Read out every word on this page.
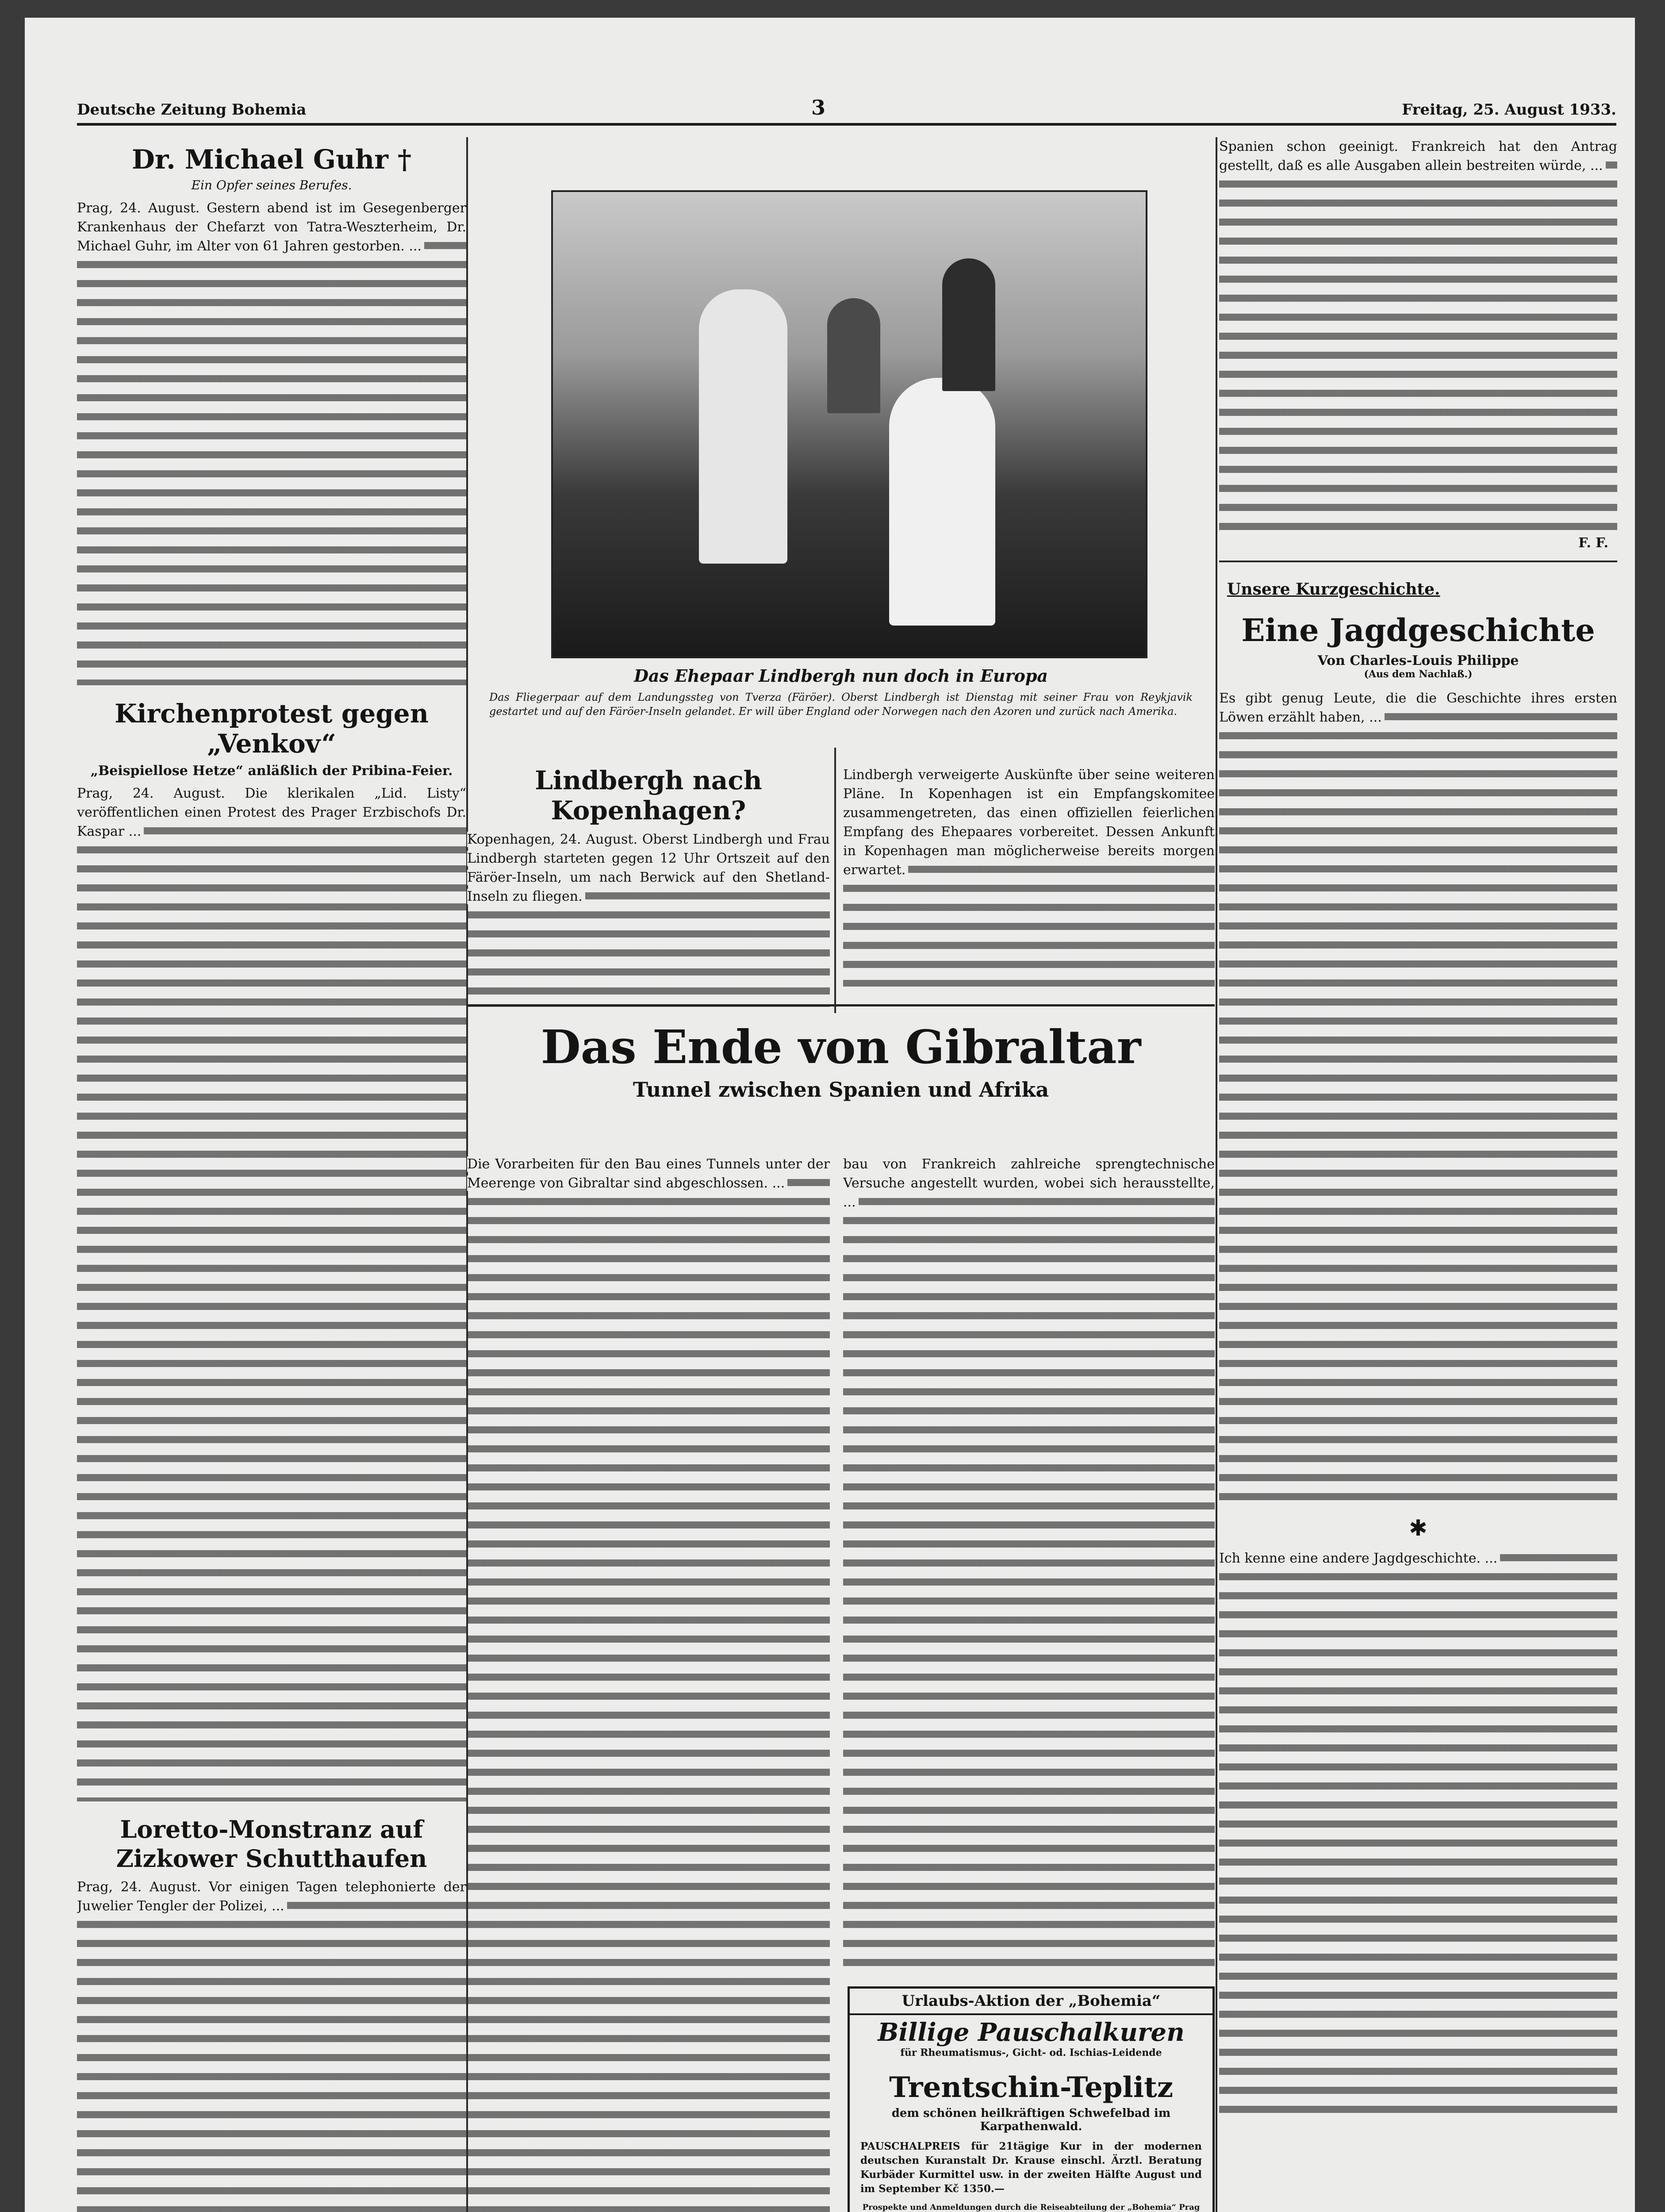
Deutsche Zeitung Bohemia	3	Freitag, 25. August 1933.
Dr. Michael Guhr †
Ein Opfer seines Berufes.
Prag, 24. August. Gestern abend ist im Gesegenberger Krankenhaus der Chefarzt von Tatra-Weszterheim, Dr. Michael Guhr, im Alter von 61 Jahren gestorben. ...
Kirchenprotest gegen „Venkov“
„Beispiellose Hetze“ anläßlich der Pribina-Feier.
Prag, 24. August. Die klerikalen „Lid. Listy“ veröffentlichen einen Protest des Prager Erzbischofs Dr. Kaspar ...
Loretto-Monstranz auf Zizkower Schutthaufen
Prag, 24. August. Vor einigen Tagen telephonierte der Juwelier Tengler der Polizei, ...
Das Ehepaar Lindbergh nun doch in Europa
Das Fliegerpaar auf dem Landungssteg von Tverza (Färöer). Oberst Lindbergh ist Dienstag mit seiner Frau von Reykjavik gestartet und auf den Färöer-Inseln gelandet. Er will über England oder Norwegen nach den Azoren und zurück nach Amerika.
Lindbergh nach Kopenhagen?
Kopenhagen, 24. August. Oberst Lindbergh und Frau Lindbergh starteten gegen 12 Uhr Ortszeit auf den Färöer-Inseln, um nach Berwick auf den Shetland-Inseln zu fliegen.
Lindbergh verweigerte Auskünfte über seine weiteren Pläne. In Kopenhagen ist ein Empfangskomitee zusammengetreten, das einen offiziellen feierlichen Empfang des Ehepaares vorbereitet. Dessen Ankunft in Kopenhagen man möglicherweise bereits morgen erwartet.
Das Ende von Gibraltar
Tunnel zwischen Spanien und Afrika
Die Vorarbeiten für den Bau eines Tunnels unter der Meerenge von Gibraltar sind abgeschlossen. ...
bau von Frankreich zahlreiche sprengtechnische Versuche angestellt wurden, wobei sich herausstellte, ...
Urlaubs-Aktion der „Bohemia“
Billige Pauschalkuren
für Rheumatismus-, Gicht- od. Ischias-Leidende
Trentschin-Teplitz
dem schönen heilkräftigen Schwefelbad im Karpathenwald.
PAUSCHALPREIS für 21tägige Kur in der modernen deutschen Kuranstalt Dr. Krause einschl. Ärztl. Beratung Kurbäder Kurmittel usw. in der zweiten Hälfte August und im September Kč 1350.—
Prospekte und Anmeldungen durch die Reiseabteilung der „Bohemia“ Prag
Spanien schon geeinigt. Frankreich hat den Antrag gestellt, daß es alle Ausgaben allein bestreiten würde, ...
F. F.
Unsere Kurzgeschichte.
Eine Jagdgeschichte
Von Charles-Louis Philippe
(Aus dem Nachlaß.)
Es gibt genug Leute, die die Geschichte ihres ersten Löwen erzählt haben, ...
✱
Ich kenne eine andere Jagdgeschichte. ...
